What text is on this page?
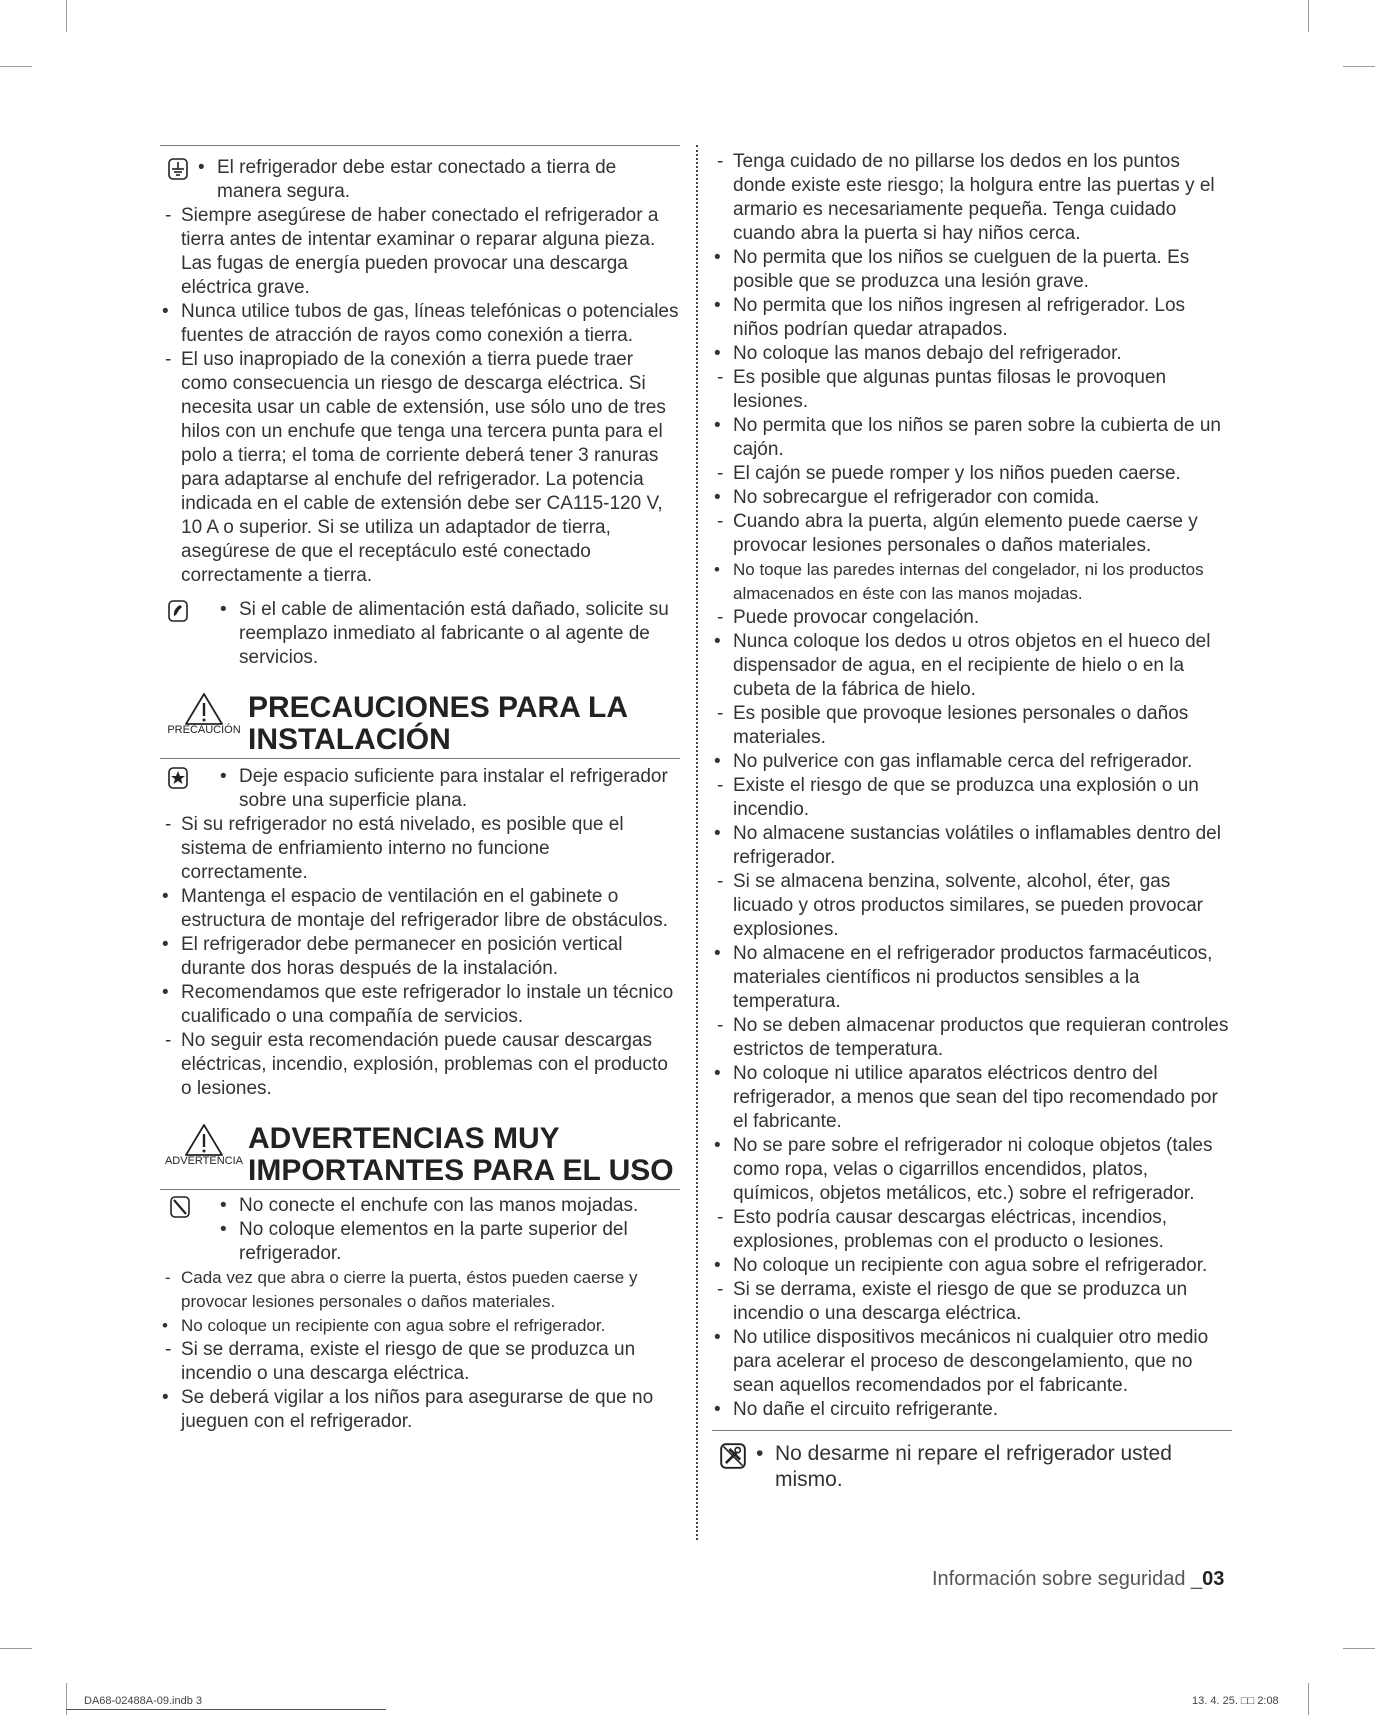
• El refrigerador debe estar conectado a tierra de manera segura.

- Siempre asegúrese de haber conectado el refrigerador a tierra antes de intentar examinar o reparar alguna pieza. Las fugas de energía pueden provocar una descarga eléctrica grave.

• Nunca utilice tubos de gas, líneas telefónicas o potenciales fuentes de atracción de rayos como conexión a tierra.

- El uso inapropiado de la conexión a tierra puede traer como consecuencia un riesgo de descarga eléctrica. Si necesita usar un cable de extensión, use sólo uno de tres hilos con un enchufe que tenga una tercera punta para el polo a tierra; el toma de corriente deberá tener 3 ranuras para adaptarse al enchufe del refrigerador. La potencia indicada en el cable de extensión debe ser CA115-120 V, 10 A o superior. Si se utiliza un adaptador de tierra, asegúrese de que el receptáculo esté conectado correctamente a tierra.

• Si el cable de alimentación está dañado, solicite su reemplazo inmediato al fabricante o al agente de servicios.

PRECAUCIÓN

PRECAUCIONES PARA LA

INSTALACIÓN

• Deje espacio suficiente para instalar el refrigerador sobre una superficie plana.

- Si su refrigerador no está nivelado, es posible que el sistema de enfriamiento interno no funcione correctamente.

• Mantenga el espacio de ventilación en el gabinete o estructura de montaje del refrigerador libre de obstáculos.

• El refrigerador debe permanecer en posición vertical durante dos horas después de la instalación.

• Recomendamos que este refrigerador lo instale un técnico cualificado o una compañía de servicios.

- No seguir esta recomendación puede causar descargas eléctricas, incendio, explosión, problemas con el producto o lesiones.

ADVERTENCIA

ADVERTENCIAS MUY

IMPORTANTES PARA EL USO

• No conecte el enchufe con las manos mojadas.

• No coloque elementos en la parte superior del refrigerador.

- Cada vez que abra o cierre la puerta, éstos pueden caerse y provocar lesiones personales o daños materiales.

• No coloque un recipiente con agua sobre el refrigerador.

- Si se derrama, existe el riesgo de que se produzca un incendio o una descarga eléctrica.

• Se deberá vigilar a los niños para asegurarse de que no jueguen con el refrigerador.

- Tenga cuidado de no pillarse los dedos en los puntos donde existe este riesgo; la holgura entre las puertas y el armario es necesariamente pequeña. Tenga cuidado cuando abra la puerta si hay niños cerca.

• No permita que los niños se cuelguen de la puerta. Es posible que se produzca una lesión grave.

• No permita que los niños ingresen al refrigerador. Los niños podrían quedar atrapados.

• No coloque las manos debajo del refrigerador.

- Es posible que algunas puntas filosas le provoquen lesiones.

• No permita que los niños se paren sobre la cubierta de un cajón.

- El cajón se puede romper y los niños pueden caerse.

• No sobrecargue el refrigerador con comida.

- Cuando abra la puerta, algún elemento puede caerse y provocar lesiones personales o daños materiales.

• No toque las paredes internas del congelador, ni los productos almacenados en éste con las manos mojadas.

- Puede provocar congelación.

• Nunca coloque los dedos u otros objetos en el hueco del dispensador de agua, en el recipiente de hielo o en la cubeta de la fábrica de hielo.

- Es posible que provoque lesiones personales o daños materiales.

• No pulverice con gas inflamable cerca del refrigerador.

- Existe el riesgo de que se produzca una explosión o un incendio.

• No almacene sustancias volátiles o inflamables dentro del refrigerador.

- Si se almacena benzina, solvente, alcohol, éter, gas licuado y otros productos similares, se pueden provocar explosiones.

• No almacene en el refrigerador productos farmacéuticos, materiales científicos ni productos sensibles a la temperatura.

- No se deben almacenar productos que requieran controles estrictos de temperatura.

• No coloque ni utilice aparatos eléctricos dentro del refrigerador, a menos que sean del tipo recomendado por el fabricante.

• No se pare sobre el refrigerador ni coloque objetos (tales como ropa, velas o cigarrillos encendidos, platos, químicos, objetos metálicos, etc.) sobre el refrigerador.

- Esto podría causar descargas eléctricas, incendios, explosiones, problemas con el producto o lesiones.

• No coloque un recipiente con agua sobre el refrigerador.

- Si se derrama, existe el riesgo de que se produzca un incendio o una descarga eléctrica.

• No utilice dispositivos mecánicos ni cualquier otro medio para acelerar el proceso de descongelamiento, que no sean aquellos recomendados por el fabricante.

• No dañe el circuito refrigerante.

• No desarme ni repare el refrigerador usted mismo.

Información sobre seguridad _03
DA68-02488A-09.indb 3	13. 4. 25. □□ 2:08
